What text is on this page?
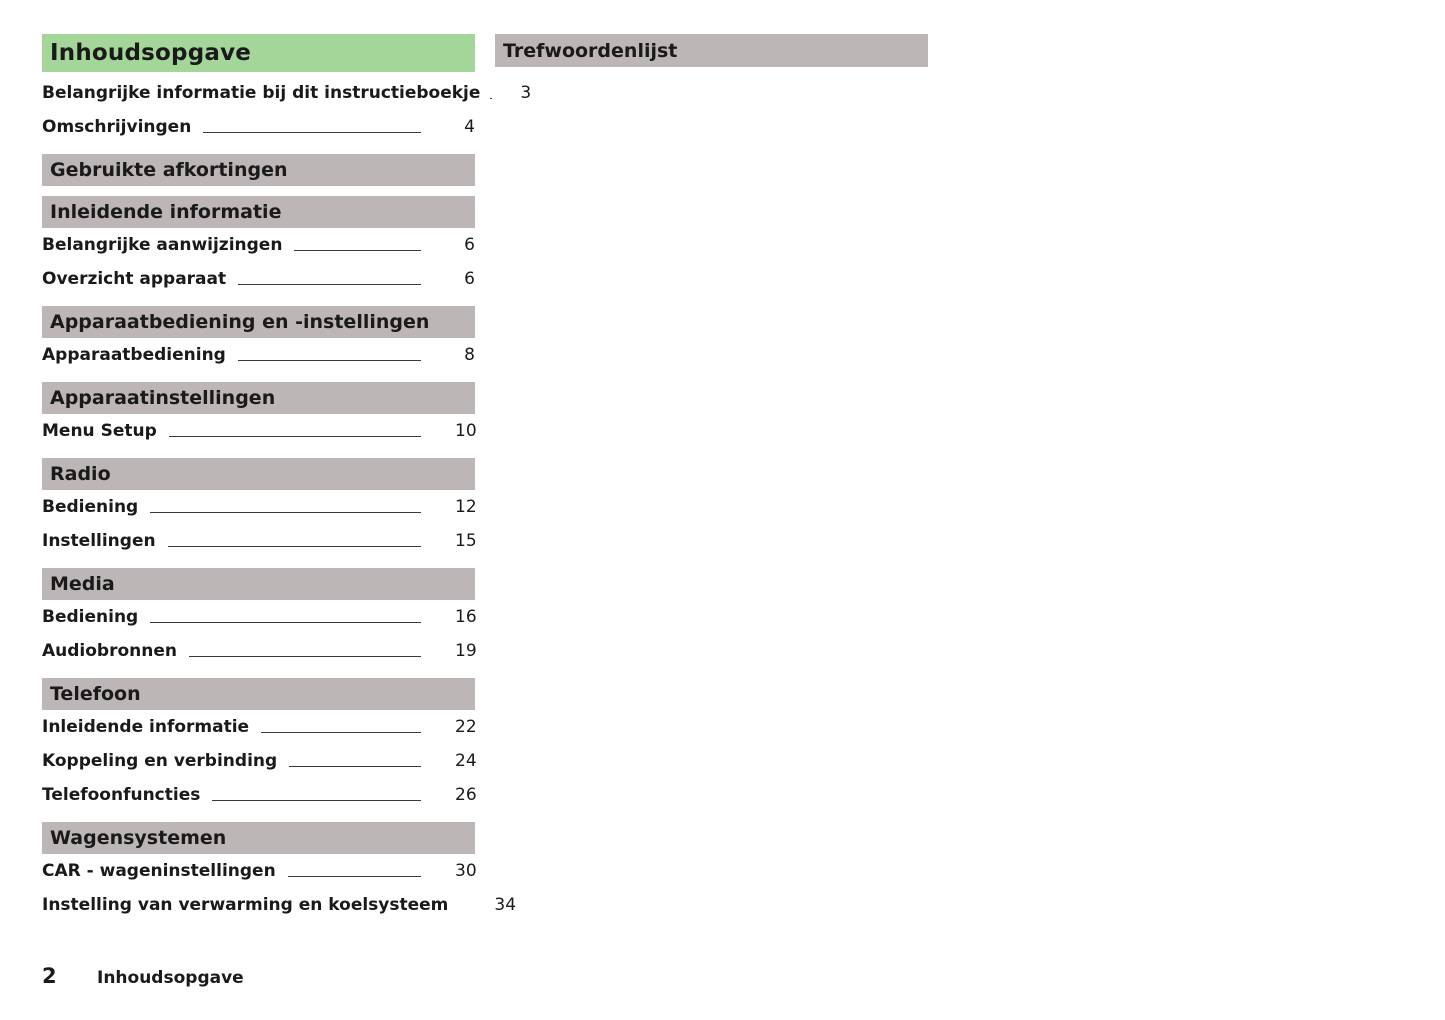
Inhoudsopgave
Belangrijke informatie bij dit instructieboekje 3
Omschrijvingen	4
Gebruikte afkortingen
Inleidende informatie
Belangrijke aanwijzingen	6
Overzicht apparaat	6
Apparaatbediening en -instellingen
Apparaatbediening	8
Apparaatinstellingen
Menu Setup	10
Radio
Bediening	12
Instellingen	15
Media
Bediening	16
Audiobronnen	19
Telefoon
Inleidende informatie	22
Koppeling en verbinding	24
Telefoonfuncties	26
Wagensystemen
CAR - wageninstellingen	30
Instelling van verwarming en koelsysteem	34
Trefwoordenlijst
2	Inhoudsopgave
